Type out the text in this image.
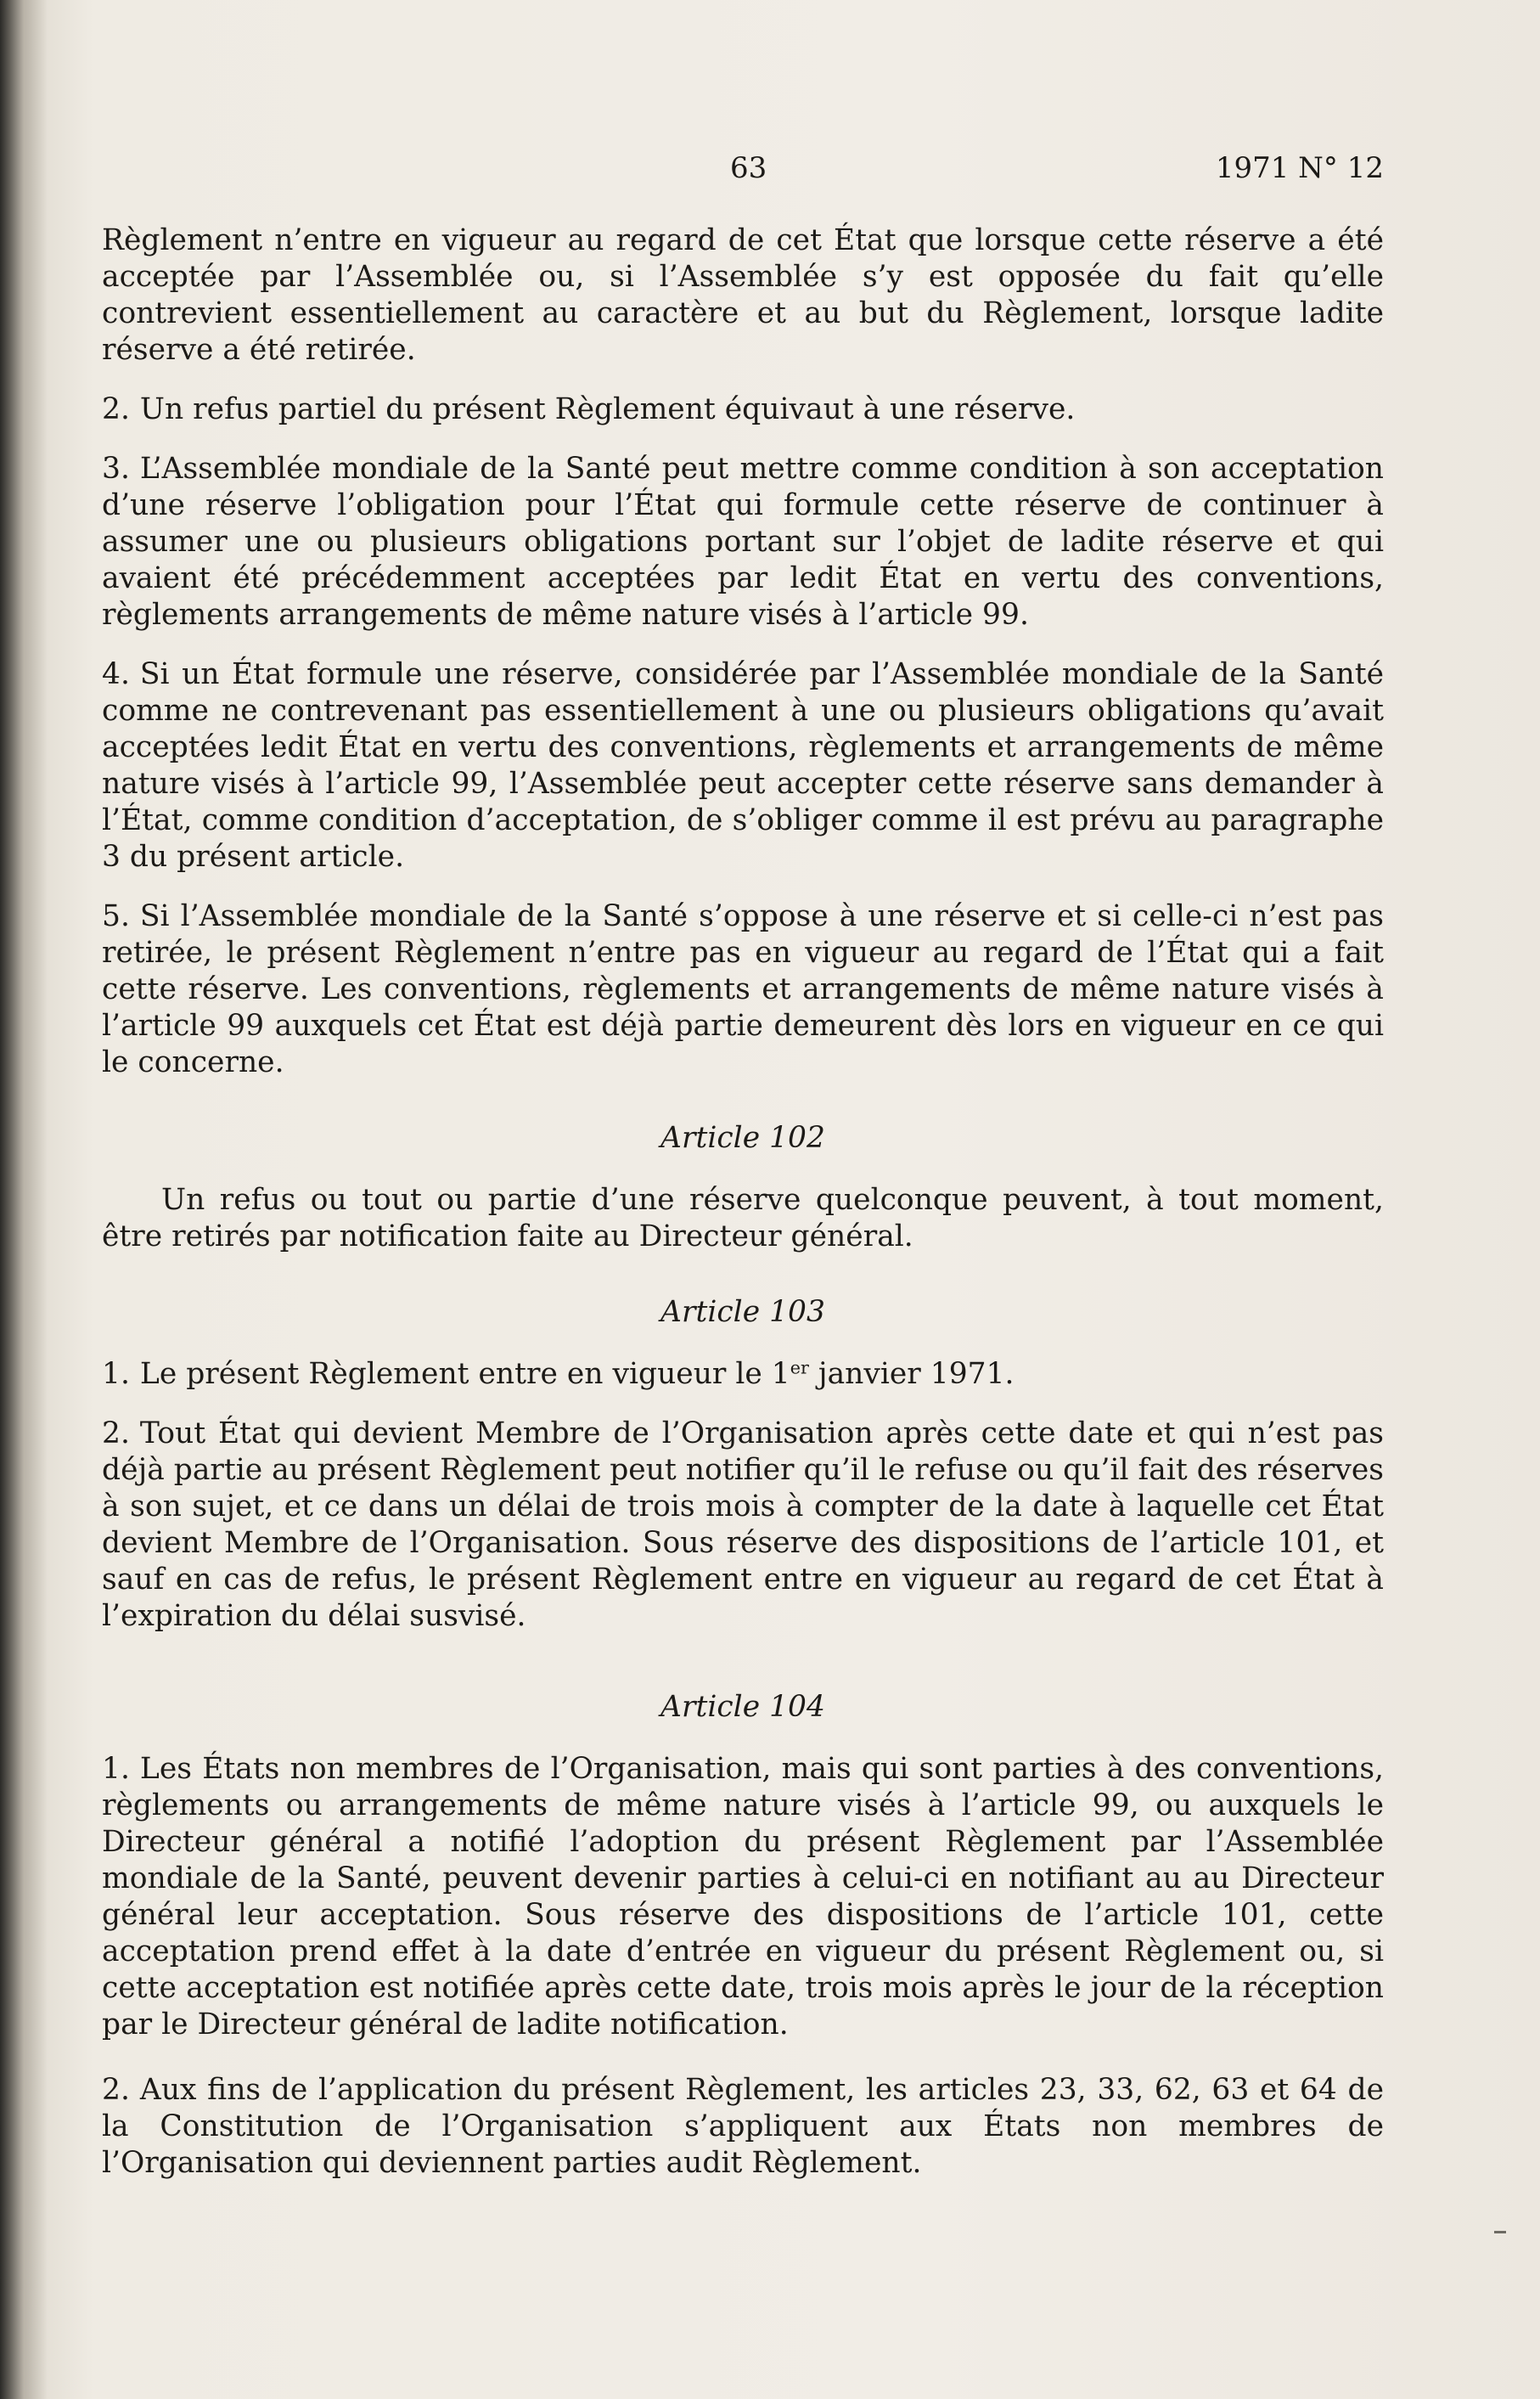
63	1971 N° 12

Règlement n’entre en vigueur au regard de cet État que lorsque cette réserve a été acceptée par l’Assemblée ou, si l’Assemblée s’y est opposée du fait qu’elle contrevient essentiellement au caractère et au but du Règlement, lorsque ladite réserve a été retirée.

2. Un refus partiel du présent Règlement équivaut à une réserve.

3. L’Assemblée mondiale de la Santé peut mettre comme condition à son acceptation d’une réserve l’obligation pour l’État qui formule cette réserve de continuer à assumer une ou plusieurs obligations portant sur l’objet de ladite réserve et qui avaient été précédemment acceptées par ledit État en vertu des conventions, règlements arrangements de même nature visés à l’article 99.

4. Si un État formule une réserve, considérée par l’Assemblée mondiale de la Santé comme ne contrevenant pas essentiellement à une ou plusieurs obligations qu’avait acceptées ledit État en vertu des conventions, règlements et arrangements de même nature visés à l’article 99, l’Assemblée peut accepter cette réserve sans demander à l’État, comme condition d’acceptation, de s’obliger comme il est prévu au paragraphe 3 du présent article.

5. Si l’Assemblée mondiale de la Santé s’oppose à une réserve et si celle-ci n’est pas retirée, le présent Règlement n’entre pas en vigueur au regard de l’État qui a fait cette réserve. Les conventions, règlements et arrangements de même nature visés à l’article 99 auxquels cet État est déjà partie demeurent dès lors en vigueur en ce qui le concerne.

Article 102

Un refus ou tout ou partie d’une réserve quelconque peuvent, à tout moment, être retirés par notification faite au Directeur général.

Article 103

1. Le présent Règlement entre en vigueur le 1er janvier 1971.

2. Tout État qui devient Membre de l’Organisation après cette date et qui n’est pas déjà partie au présent Règlement peut notifier qu’il le refuse ou qu’il fait des réserves à son sujet, et ce dans un délai de trois mois à compter de la date à laquelle cet État devient Membre de l’Organisation. Sous réserve des dispositions de l’article 101, et sauf en cas de refus, le présent Règlement entre en vigueur au regard de cet État à l’expiration du délai susvisé.

Article 104

1. Les États non membres de l’Organisation, mais qui sont parties à des conventions, règlements ou arrangements de même nature visés à l’article 99, ou auxquels le Directeur général a notifié l’adoption du présent Règlement par l’Assemblée mondiale de la Santé, peuvent devenir parties à celui-ci en notifiant au au Directeur général leur acceptation. Sous réserve des dispositions de l’article 101, cette acceptation prend effet à la date d’entrée en vigueur du présent Règlement ou, si cette acceptation est notifiée après cette date, trois mois après le jour de la réception par le Directeur général de ladite notification.

2. Aux fins de l’application du présent Règlement, les articles 23, 33, 62, 63 et 64 de la Constitution de l’Organisation s’appliquent aux États non membres de l’Organisation qui deviennent parties audit Règlement.
